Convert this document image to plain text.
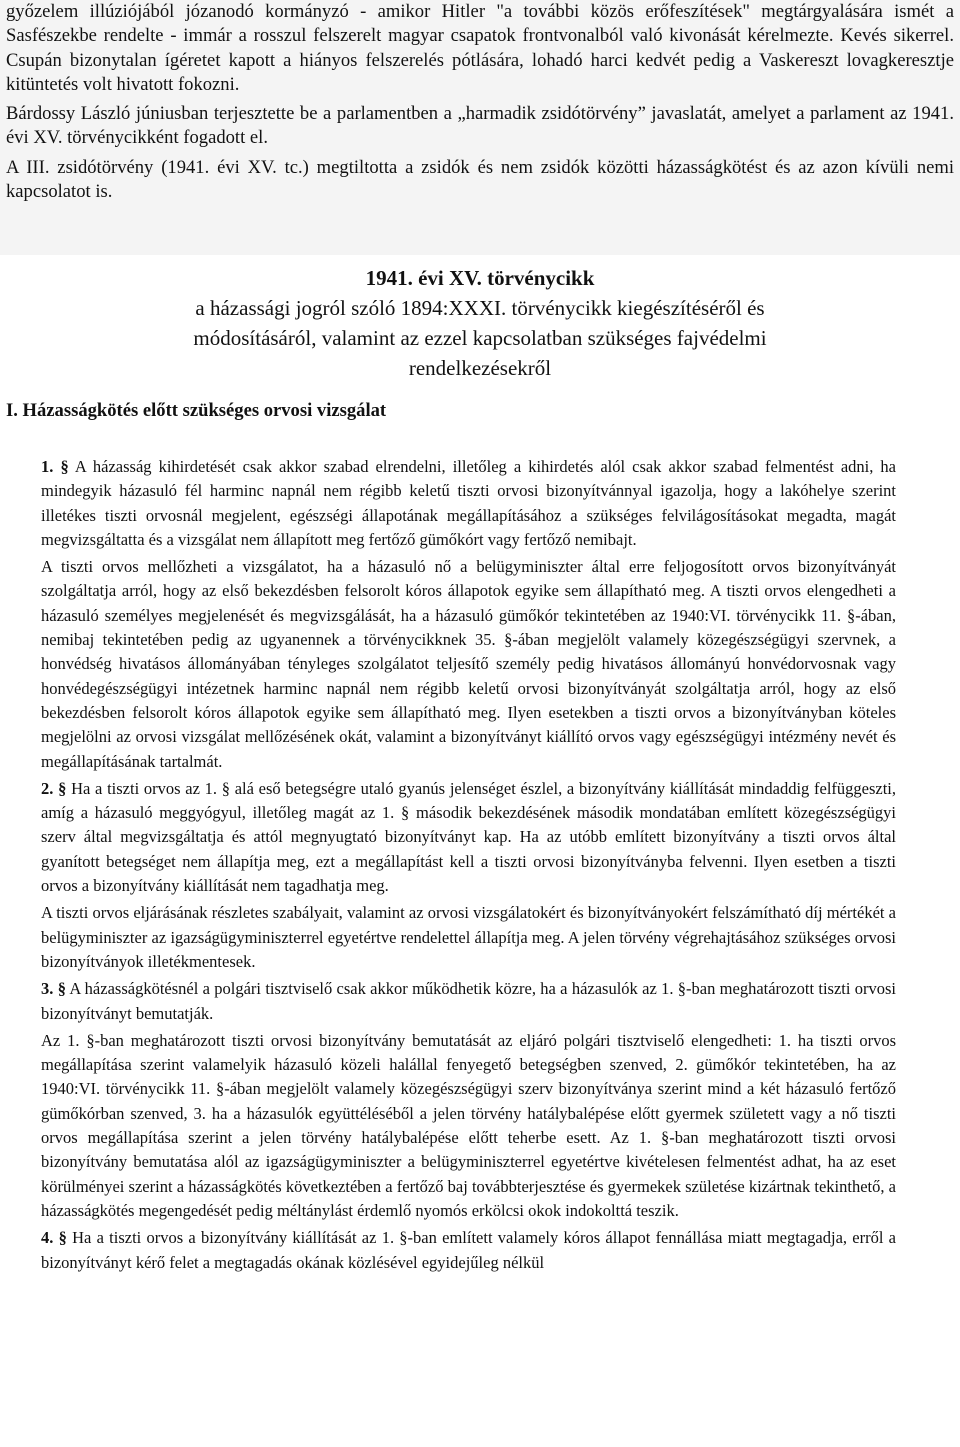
győzelem illúziójából józanodó kormányzó - amikor Hitler "a további közös erőfeszítések" megtárgyalására ismét a Sasfészekbe rendelte - immár a rosszul felszerelt magyar csapatok frontvonalból való kivonását kérelmezte. Kevés sikerrel. Csupán bizonytalan ígéretet kapott a hiányos felszerelés pótlására, lohadó harci kedvét pedig a Vaskereszt lovagkeresztje kitüntetés volt hivatott fokozni.

Bárdossy László júniusban terjesztette be a parlamentben a „harmadik zsidótörvény” javaslatát, amelyet a parlament az 1941. évi XV. törvénycikként fogadott el.

A III. zsidótörvény (1941. évi XV. tc.) megtiltotta a zsidók és nem zsidók közötti házasságkötést és az azon kívüli nemi kapcsolatot is.

1941. évi XV. törvénycikk
a házassági jogról szóló 1894:XXXI. törvénycikk kiegészítéséről és módosításáról, valamint az ezzel kapcsolatban szükséges fajvédelmi rendelkezésekről
I. Házasságkötés előtt szükséges orvosi vizsgálat

1. § A házasság kihirdetését csak akkor szabad elrendelni, illetőleg a kihirdetés alól csak akkor szabad felmentést adni, ha mindegyik házasuló fél harminc napnál nem régibb keletű tiszti orvosi bizonyítvánnyal igazolja, hogy a lakóhelye szerint illetékes tiszti orvosnál megjelent, egészségi állapotának megállapításához a szükséges felvilágosításokat megadta, magát megvizsgáltatta és a vizsgálat nem állapított meg fertőző gümőkórt vagy fertőző nemibajt.

A tiszti orvos mellőzheti a vizsgálatot, ha a házasuló nő a belügyminiszter által erre feljogosított orvos bizonyítványát szolgáltatja arról, hogy az első bekezdésben felsorolt kóros állapotok egyike sem állapítható meg. A tiszti orvos elengedheti a házasuló személyes megjelenését és megvizsgálását, ha a házasuló gümőkór tekintetében az 1940:VI. törvénycikk 11. §-ában, nemibaj tekintetében pedig az ugyanennek a törvénycikknek 35. §-ában megjelölt valamely közegészségügyi szervnek, a honvédség hivatásos állományában tényleges szolgálatot teljesítő személy pedig hivatásos állományú honvédorvosnak vagy honvédegészségügyi intézetnek harminc napnál nem régibb keletű orvosi bizonyítványát szolgáltatja arról, hogy az első bekezdésben felsorolt kóros állapotok egyike sem állapítható meg. Ilyen esetekben a tiszti orvos a bizonyítványban köteles megjelölni az orvosi vizsgálat mellőzésének okát, valamint a bizonyítványt kiállító orvos vagy egészségügyi intézmény nevét és megállapításának tartalmát.

2. § Ha a tiszti orvos az 1. § alá eső betegségre utaló gyanús jelenséget észlel, a bizonyítvány kiállítását mindaddig felfüggeszti, amíg a házasuló meggyógyul, illetőleg magát az 1. § második bekezdésének második mondatában említett közegészségügyi szerv által megvizsgáltatja és attól megnyugtató bizonyítványt kap. Ha az utóbb említett bizonyítvány a tiszti orvos által gyanított betegséget nem állapítja meg, ezt a megállapítást kell a tiszti orvosi bizonyítványba felvenni. Ilyen esetben a tiszti orvos a bizonyítvány kiállítását nem tagadhatja meg.

A tiszti orvos eljárásának részletes szabályait, valamint az orvosi vizsgálatokért és bizonyítványokért felszámítható díj mértékét a belügyminiszter az igazságügyminiszterrel egyetértve rendelettel állapítja meg. A jelen törvény végrehajtásához szükséges orvosi bizonyítványok illetékmentesek.

3. § A házasságkötésnél a polgári tisztviselő csak akkor működhetik közre, ha a házasulók az 1. §-ban meghatározott tiszti orvosi bizonyítványt bemutatják.

Az 1. §-ban meghatározott tiszti orvosi bizonyítvány bemutatását az eljáró polgári tisztviselő elengedheti: 1. ha tiszti orvos megállapítása szerint valamelyik házasuló közeli halállal fenyegető betegségben szenved, 2. gümőkór tekintetében, ha az 1940:VI. törvénycikk 11. §-ában megjelölt valamely közegészségügyi szerv bizonyítványa szerint mind a két házasuló fertőző gümőkórban szenved, 3. ha a házasulók együttéléséből a jelen törvény hatálybalépése előtt gyermek született vagy a nő tiszti orvos megállapítása szerint a jelen törvény hatálybalépése előtt teherbe esett. Az 1. §-ban meghatározott tiszti orvosi bizonyítvány bemutatása alól az igazságügyminiszter a belügyminiszterrel egyetértve kivételesen felmentést adhat, ha az eset körülményei szerint a házasságkötés következtében a fertőző baj továbbterjesztése és gyermekek születése kizártnak tekinthető, a házasságkötés megengedését pedig méltánylást érdemlő nyomós erkölcsi okok indokolttá teszik.

4. § Ha a tiszti orvos a bizonyítvány kiállítását az 1. §-ban említett valamely kóros állapot fennállása miatt megtagadja, erről a bizonyítványt kérő felet a megtagadás okának közlésével egyidejűleg nélkül
